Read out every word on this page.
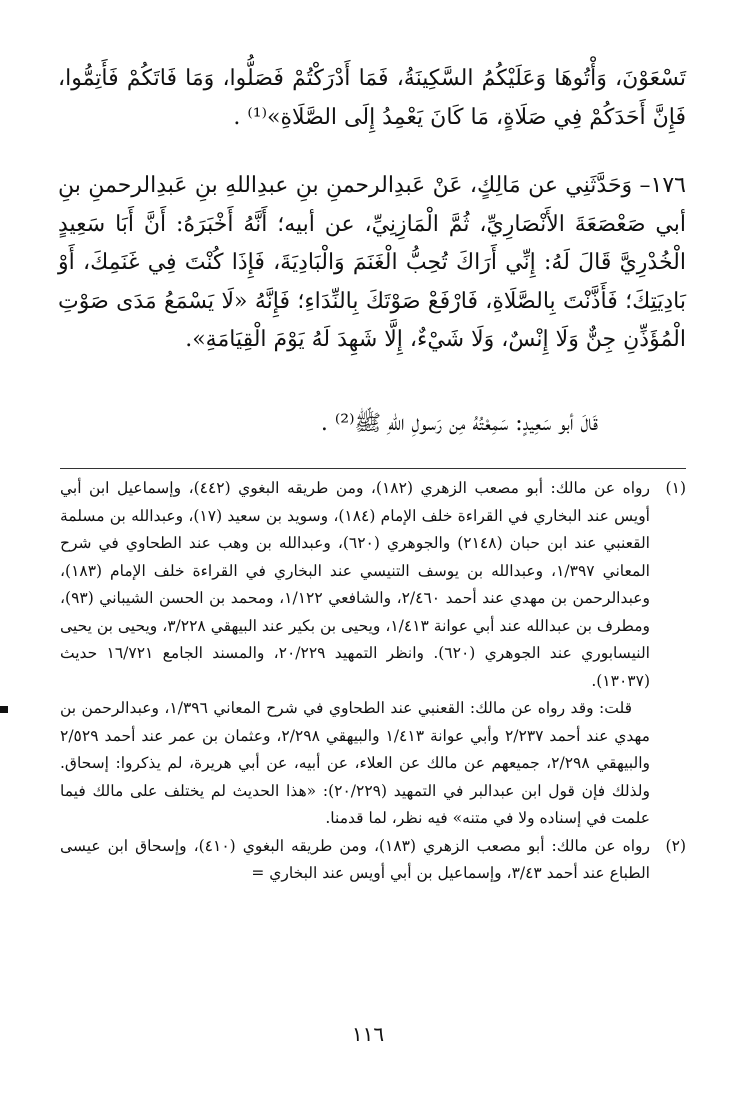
تَسْعَوْنَ، وَأْتُوهَا وَعَلَيْكُمُ السَّكِينَةُ، فَمَا أَدْرَكْتُمْ فَصَلُّوا، وَمَا فَاتَكُمْ فَأَتِمُّوا، فَإِنَّ أَحَدَكُمْ فِي صَلَاةٍ، مَا كَانَ يَعْمِدُ إِلَى الصَّلَاةِ»⁽¹⁾ .

١٧٦– وَحَدَّثَنِي عن مَالِكٍ، عَنْ عَبدِالرحمنِ بنِ عبدِاللهِ بنِ عَبدِالرحمنِ بنِ أبي صَعْصَعَةَ الأَنْصَارِيِّ، ثُمَّ الْمَازِنِيِّ، عن أبيه؛ أَنَّهُ أَخْبَرَهُ: أَنَّ أَبَا سَعِيدٍ الْخُدْرِيَّ قَالَ لَهُ: إِنِّي أَرَاكَ تُحِبُّ الْغَنَمَ وَالْبَادِيَةَ، فَإِذَا كُنْتَ فِي غَنَمِكَ، أَوْ بَادِيَتِكَ؛ فَأَذَّنْتَ بِالصَّلَاةِ، فَارْفَعْ صَوْتَكَ بِالنِّدَاءِ؛ فَإِنَّهُ «لَا يَسْمَعُ مَدَى صَوْتِ الْمُؤَذِّنِ جِنٌّ وَلَا إِنْسٌ، وَلَا شَيْءٌ، إِلَّا شَهِدَ لَهُ يَوْمَ الْقِيَامَةِ».

قَالَ أبو سَعِيدٍ: سَمِعْتُهُ مِن رَسولِ اللهِ ﷺ⁽²⁾ .
(١)
رواه عن مالك: أبو مصعب الزهري (١٨٢)، ومن طريقه البغوي (٤٤٢)، وإسماعيل ابن أبي أويس عند البخاري في القراءة خلف الإمام (١٨٤)، وسويد بن سعيد (١٧)، وعبدالله بن مسلمة القعنبي عند ابن حبان (٢١٤٨) والجوهري (٦٢٠)، وعبدالله بن وهب عند الطحاوي في شرح المعاني ١/٣٩٧، وعبدالله بن يوسف التنيسي عند البخاري في القراءة خلف الإمام (١٨٣)، وعبدالرحمن بن مهدي عند أحمد ٢/٤٦٠، والشافعي ١/١٢٢، ومحمد بن الحسن الشيباني (٩٣)، ومطرف بن عبدالله عند أبي عوانة ١/٤١٣، ويحيى بن بكير عند البيهقي ٣/٢٢٨، ويحيى بن يحيى النيسابوري عند الجوهري (٦٢٠). وانظر التمهيد ٢٠/٢٢٩، والمسند الجامع ١٦/٧٢١ حديث (١٣٠٣٧).

قلت: وقد رواه عن مالك: القعنبي عند الطحاوي في شرح المعاني ١/٣٩٦، وعبدالرحمن بن مهدي عند أحمد ٢/٢٣٧ وأبي عوانة ١/٤١٣ والبيهقي ٢/٢٩٨، وعثمان بن عمر عند أحمد ٢/٥٢٩ والبيهقي ٢/٢٩٨، جميعهم عن مالك عن العلاء، عن أبيه، عن أبي هريرة، لم يذكروا: إسحاق. ولذلك فإن قول ابن عبدالبر في التمهيد (٢٠/٢٢٩): «هذا الحديث لم يختلف على مالك فيما علمت في إسناده ولا في متنه» فيه نظر، لما قدمنا.

(٢)
رواه عن مالك: أبو مصعب الزهري (١٨٣)، ومن طريقه البغوي (٤١٠)، وإسحاق ابن عيسى الطباع عند أحمد ٣/٤٣، وإسماعيل بن أبي أويس عند البخاري =
١١٦
